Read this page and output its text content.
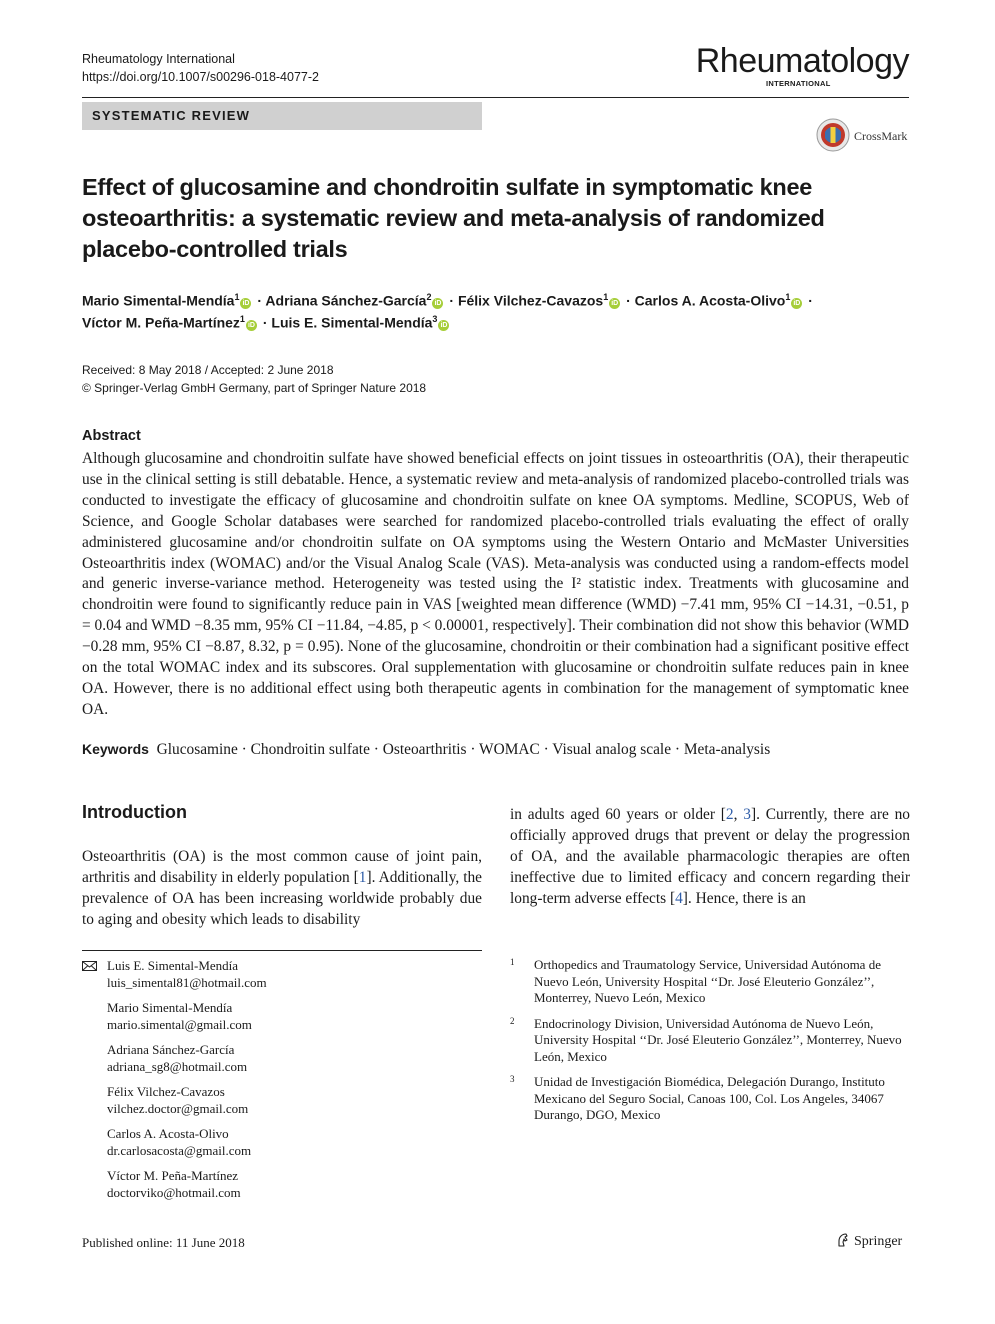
Rheumatology International
https://doi.org/10.1007/s00296-018-4077-2	Rheumatology
INTERNATIONAL
SYSTEMATIC REVIEW
CrossMark
Effect of glucosamine and chondroitin sulfate in symptomatic knee osteoarthritis: a systematic review and meta-analysis of randomized placebo-controlled trials
Mario Simental-Mendía$^1$iD · Adriana Sánchez-García$^2$iD · Félix Vilchez-Cavazos$^1$iD · Carlos A. Acosta-Olivo$^1$iD ·
Víctor M. Peña-Martínez$^1$iD · Luis E. Simental-Mendía$^3$iD
Received: 8 May 2018 / Accepted: 2 June 2018
© Springer-Verlag GmbH Germany, part of Springer Nature 2018
Abstract
Although glucosamine and chondroitin sulfate have showed beneficial effects on joint tissues in osteoarthritis (OA), their therapeutic use in the clinical setting is still debatable. Hence, a systematic review and meta-analysis of randomized placebo-controlled trials was conducted to investigate the efficacy of glucosamine and chondroitin sulfate on knee OA symptoms. Medline, SCOPUS, Web of Science, and Google Scholar databases were searched for randomized placebo-controlled trials evaluating the effect of orally administered glucosamine and/or chondroitin sulfate on OA symptoms using the Western Ontario and McMaster Universities Osteoarthritis index (WOMAC) and/or the Visual Analog Scale (VAS). Meta-analysis was conducted using a random-effects model and generic inverse-variance method. Heterogeneity was tested using the I² statistic index. Treatments with glucosamine and chondroitin were found to significantly reduce pain in VAS [weighted mean difference (WMD) −7.41 mm, 95% CI −14.31, −0.51, p = 0.04 and WMD −8.35 mm, 95% CI −11.84, −4.85, p < 0.00001, respectively]. Their combination did not show this behavior (WMD −0.28 mm, 95% CI −8.87, 8.32, p = 0.95). None of the glucosamine, chondroitin or their combination had a significant positive effect on the total WOMAC index and its subscores. Oral supplementation with glucosamine or chondroitin sulfate reduces pain in knee OA. However, there is no additional effect using both therapeutic agents in combination for the management of symptomatic knee OA.
Keywords Glucosamine · Chondroitin sulfate · Osteoarthritis · WOMAC · Visual analog scale · Meta-analysis
Introduction
Osteoarthritis (OA) is the most common cause of joint pain, arthritis and disability in elderly population [1]. Additionally, the prevalence of OA has been increasing worldwide probably due to aging and obesity which leads to disability
in adults aged 60 years or older [2, 3]. Currently, there are no officially approved drugs that prevent or delay the progression of OA, and the available pharmacologic therapies are often ineffective due to limited efficacy and concern regarding their long-term adverse effects [4]. Hence, there is an
Luis E. Simental-Mendía
luis_simental81@hotmail.com
Mario Simental-Mendía
mario.simental@gmail.com
Adriana Sánchez-García
adriana_sg8@hotmail.com
Félix Vilchez-Cavazos
vilchez.doctor@gmail.com
Carlos A. Acosta-Olivo
dr.carlosacosta@gmail.com
Víctor M. Peña-Martínez
doctorviko@hotmail.com
1 Orthopedics and Traumatology Service, Universidad Autónoma de Nuevo León, University Hospital ‘‘Dr. José Eleuterio González’’, Monterrey, Nuevo León, Mexico
2 Endocrinology Division, Universidad Autónoma de Nuevo León, University Hospital ‘‘Dr. José Eleuterio González’’, Monterrey, Nuevo León, Mexico
3 Unidad de Investigación Biomédica, Delegación Durango, Instituto Mexicano del Seguro Social, Canoas 100, Col. Los Angeles, 34067 Durango, DGO, Mexico
Published online: 11 June 2018	Springer
